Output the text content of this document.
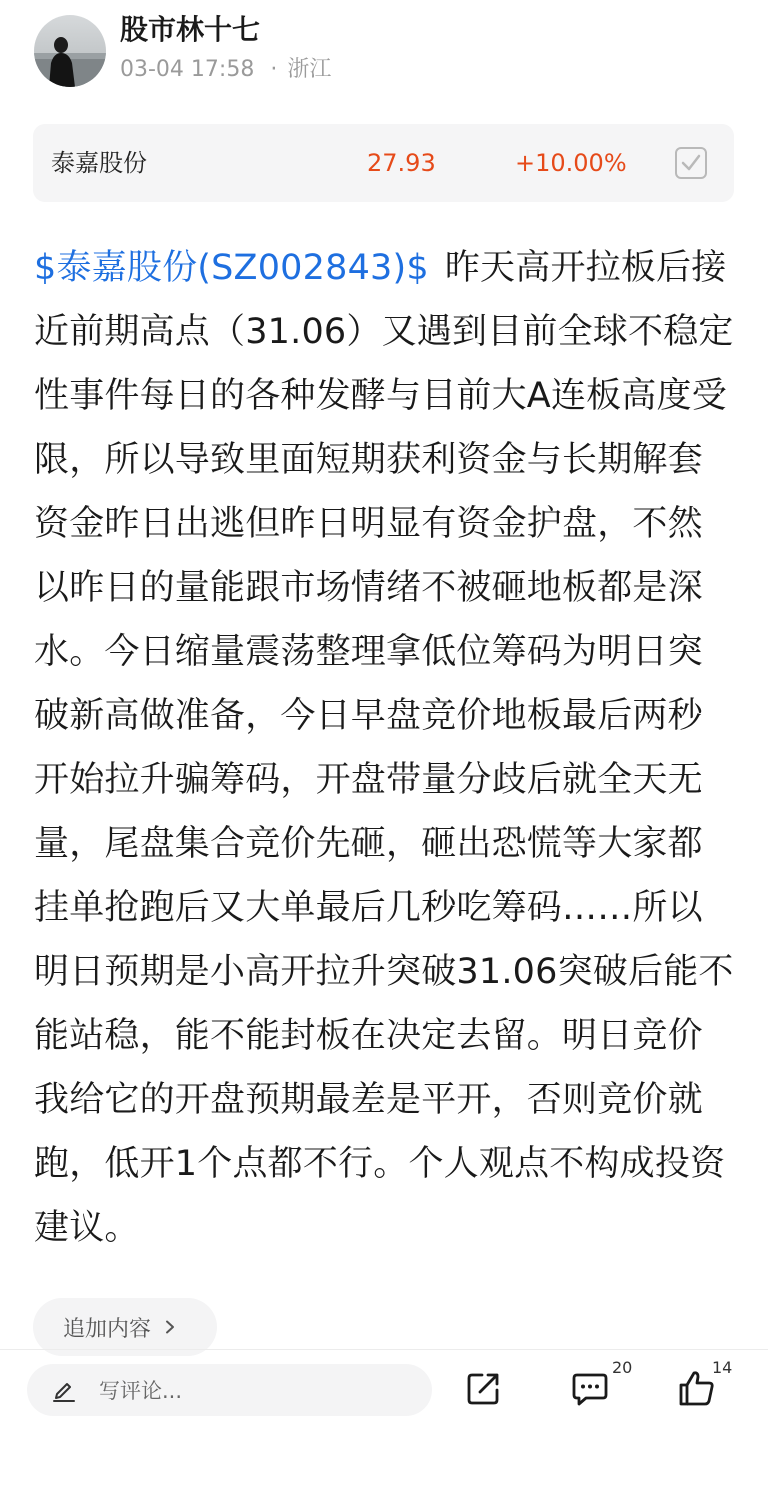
股市林十七
03-04 17:58 · 浙江
泰嘉股份	27.93	+10.00%
$泰嘉股份(SZ002843)$ 昨天高开拉板后接近前期高点（31.06）又遇到目前全球不稳定性事件每日的各种发酵与目前大A连板高度受限，所以导致里面短期获利资金与长期解套资金昨日出逃但昨日明显有资金护盘，不然以昨日的量能跟市场情绪不被砸地板都是深水。今日缩量震荡整理拿低位筹码为明日突破新高做准备，今日早盘竞价地板最后两秒开始拉升骗筹码，开盘带量分歧后就全天无量，尾盘集合竞价先砸，砸出恐慌等大家都挂单抢跑后又大单最后几秒吃筹码……所以明日预期是小高开拉升突破31.06突破后能不能站稳，能不能封板在决定去留。明日竞价我给它的开盘预期最差是平开，否则竞价就跑，低开1个点都不行。个人观点不构成投资建议。
追加内容
写评论...
20	14
